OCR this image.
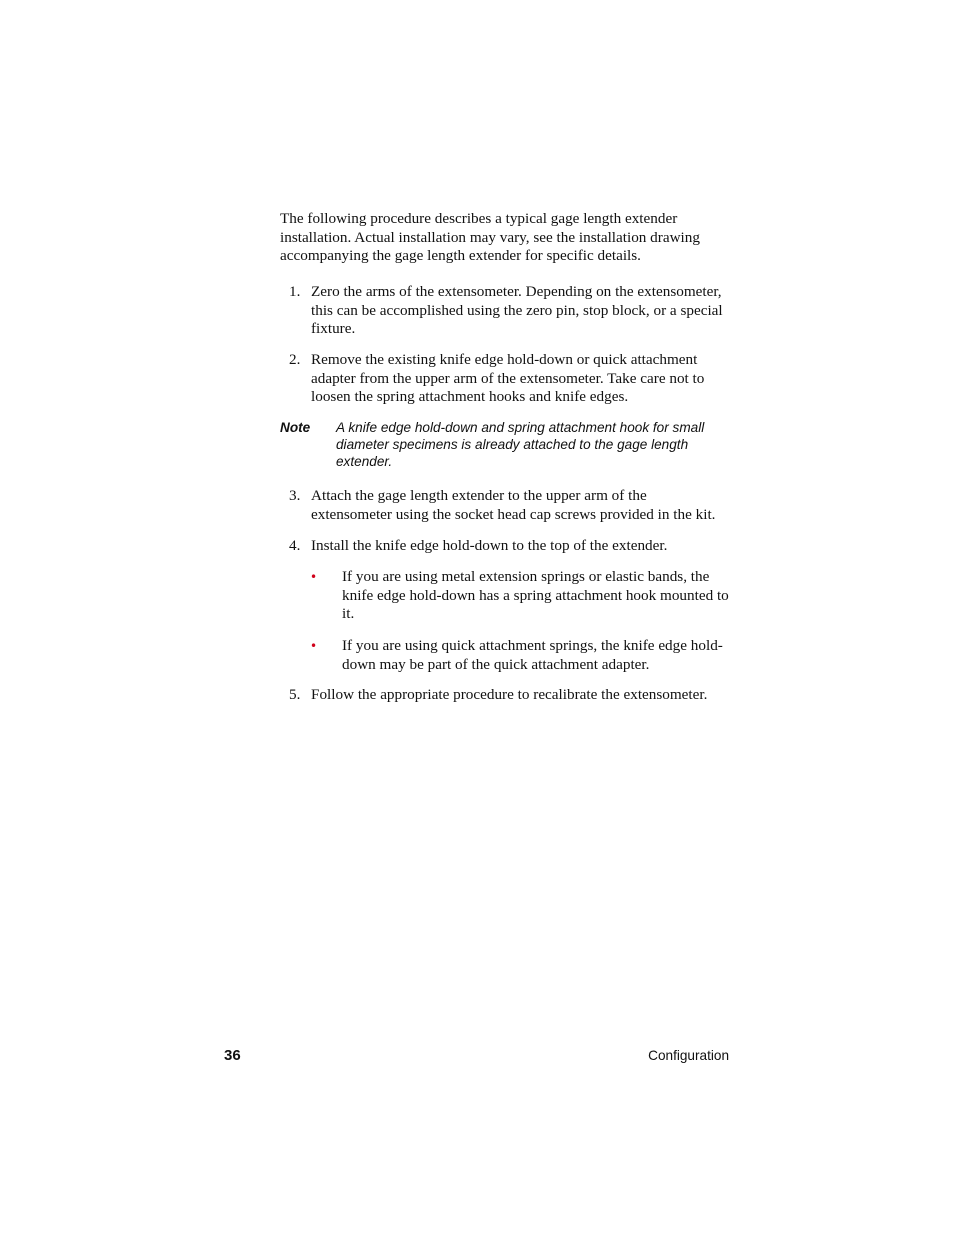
The following procedure describes a typical gage length extender installation. Actual installation may vary, see the installation drawing accompanying the gage length extender for specific details.

1. Zero the arms of the extensometer. Depending on the extensometer, this can be accomplished using the zero pin, stop block, or a special fixture.
2. Remove the existing knife edge hold-down or quick attachment adapter from the upper arm of the extensometer. Take care not to loosen the spring attachment hooks and knife edges.
Note A knife edge hold-down and spring attachment hook for small diameter specimens is already attached to the gage length extender.
3. Attach the gage length extender to the upper arm of the extensometer using the socket head cap screws provided in the kit.
4. Install the knife edge hold-down to the top of the extender.
• If you are using metal extension springs or elastic bands, the knife edge hold-down has a spring attachment hook mounted to it.
• If you are using quick attachment springs, the knife edge hold-down may be part of the quick attachment adapter.
5. Follow the appropriate procedure to recalibrate the extensometer.
36	Configuration
